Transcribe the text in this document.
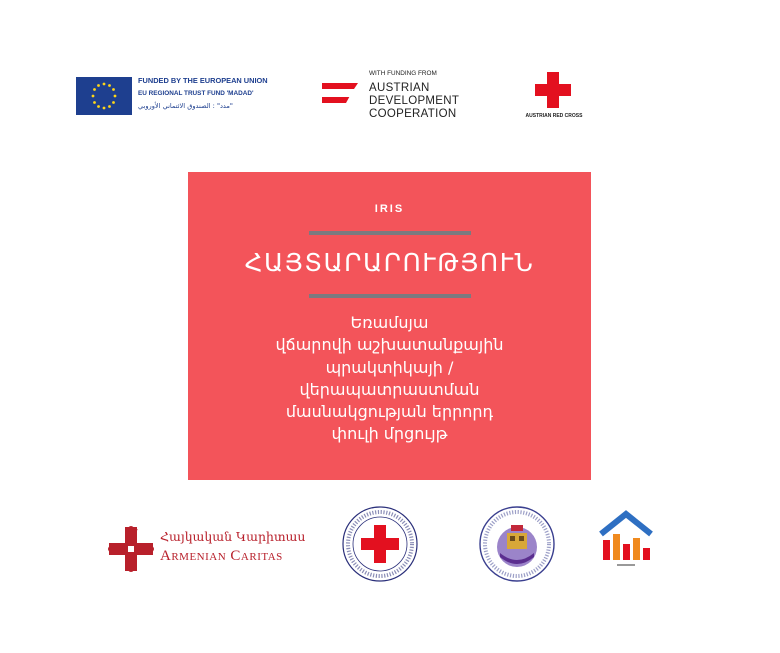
FUNDED BY THE EUROPEAN UNION
EU REGIONAL TRUST FUND 'MADAD'
"مدد" : الصندوق الائتماني الأوروبي
WITH FUNDING FROM
AUSTRIAN
DEVELOPMENT
COOPERATION	AUSTRIAN RED CROSS
IRIS
ՀԱՅՏԱՐԱՐՈՒԹՅՈՒՆ
Եռամսյա
վճարովի աշխատանքային
պրակտիկայի /
վերապատրաստման
մասնակցության երրորդ
փուլի մրցույթ
Հայկական Կարիտաս
Armenian Caritas
